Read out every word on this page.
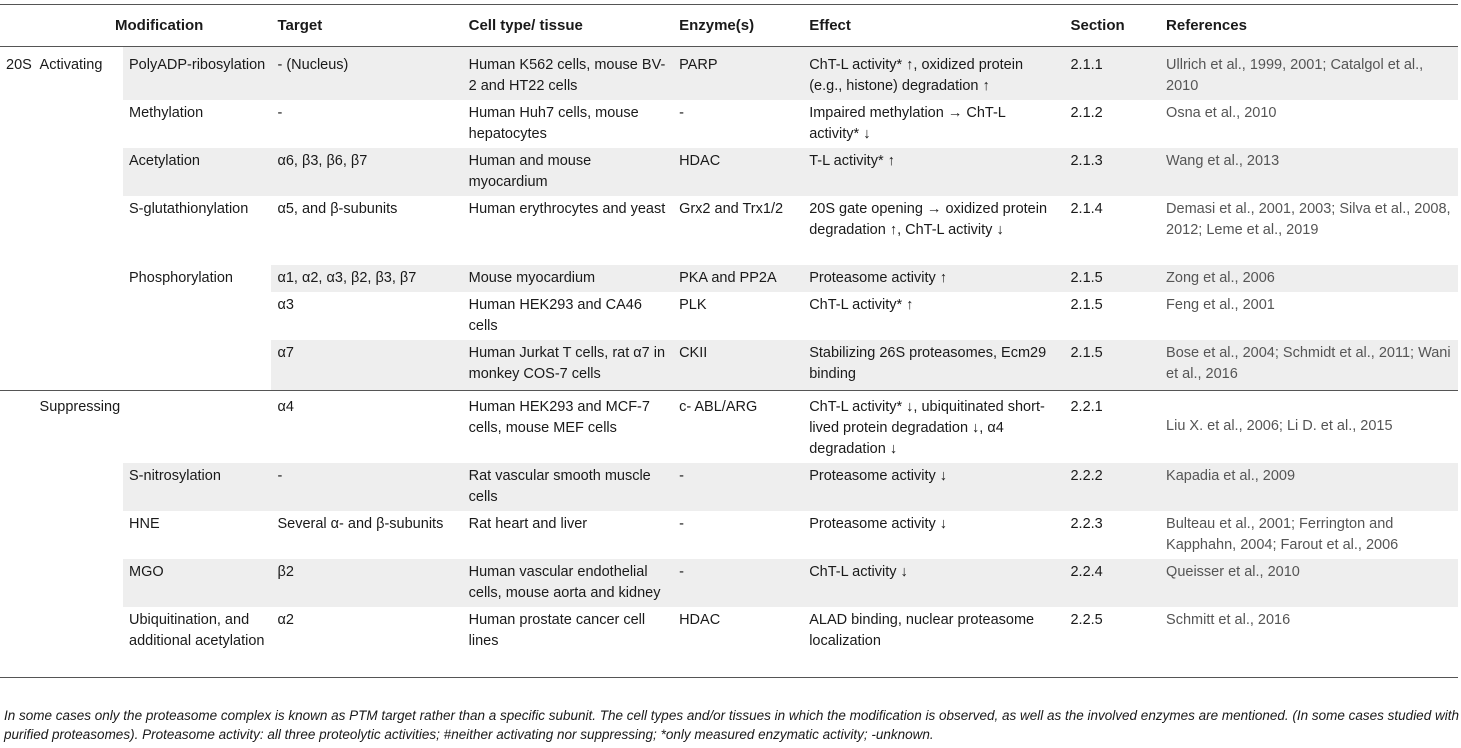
Modification			Target	Cell type/ tissue	Enzyme(s)	Effect	Section	References
20S	Activating	PolyADP-ribosylation	- (Nucleus)	Human K562 cells, mouse BV-2 and HT22 cells	PARP	ChT-L activity* ↑, oxidized protein (e.g., histone) degradation ↑	2.1.1	Ullrich et al., 1999, 2001; Catalgol et al., 2010
		Methylation	-	Human Huh7 cells, mouse hepatocytes	-	Impaired methylation → ChT-L activity* ↓	2.1.2	Osna et al., 2010
		Acetylation	α6, β3, β6, β7	Human and mouse myocardium	HDAC	T-L activity* ↑	2.1.3	Wang et al., 2013
		S-glutathionylation	α5, and β-subunits	Human erythrocytes and yeast	Grx2 and Trx1/2	20S gate opening → oxidized protein degradation ↑, ChT-L activity ↓	2.1.4	Demasi et al., 2001, 2003; Silva et al., 2008, 2012; Leme et al., 2019
		Phosphorylation	α1, α2, α3, β2, β3, β7	Mouse myocardium	PKA and PP2A	Proteasome activity ↑	2.1.5	Zong et al., 2006
			α3	Human HEK293 and CA46 cells	PLK	ChT-L activity* ↑	2.1.5	Feng et al., 2001
			α7	Human Jurkat T cells, rat α7 in monkey COS-7 cells	CKII	Stabilizing 26S proteasomes, Ecm29 binding	2.1.5	Bose et al., 2004; Schmidt et al., 2011; Wani et al., 2016
	Suppressing		α4	Human HEK293 and MCF-7 cells, mouse MEF cells	c- ABL/ARG	ChT-L activity* ↓, ubiquitinated short-lived protein degradation ↓, α4 degradation ↓	2.2.1	Liu X. et al., 2006; Li D. et al., 2015
		S-nitrosylation	-	Rat vascular smooth muscle cells	-	Proteasome activity ↓	2.2.2	Kapadia et al., 2009
		HNE	Several α- and β-subunits	Rat heart and liver	-	Proteasome activity ↓	2.2.3	Bulteau et al., 2001; Ferrington and Kapphahn, 2004; Farout et al., 2006
		MGO	β2	Human vascular endothelial cells, mouse aorta and kidney	-	ChT-L activity ↓	2.2.4	Queisser et al., 2010
		Ubiquitination, and additional acetylation	α2	Human prostate cancer cell lines	HDAC	ALAD binding, nuclear proteasome localization	2.2.5	Schmitt et al., 2016
In some cases only the proteasome complex is known as PTM target rather than a specific subunit. The cell types and/or tissues in which the modification is observed, as well as the involved enzymes are mentioned. (In some cases studied with purified proteasomes). Proteasome activity: all three proteolytic activities; #neither activating nor suppressing; *only measured enzymatic activity; -unknown.
